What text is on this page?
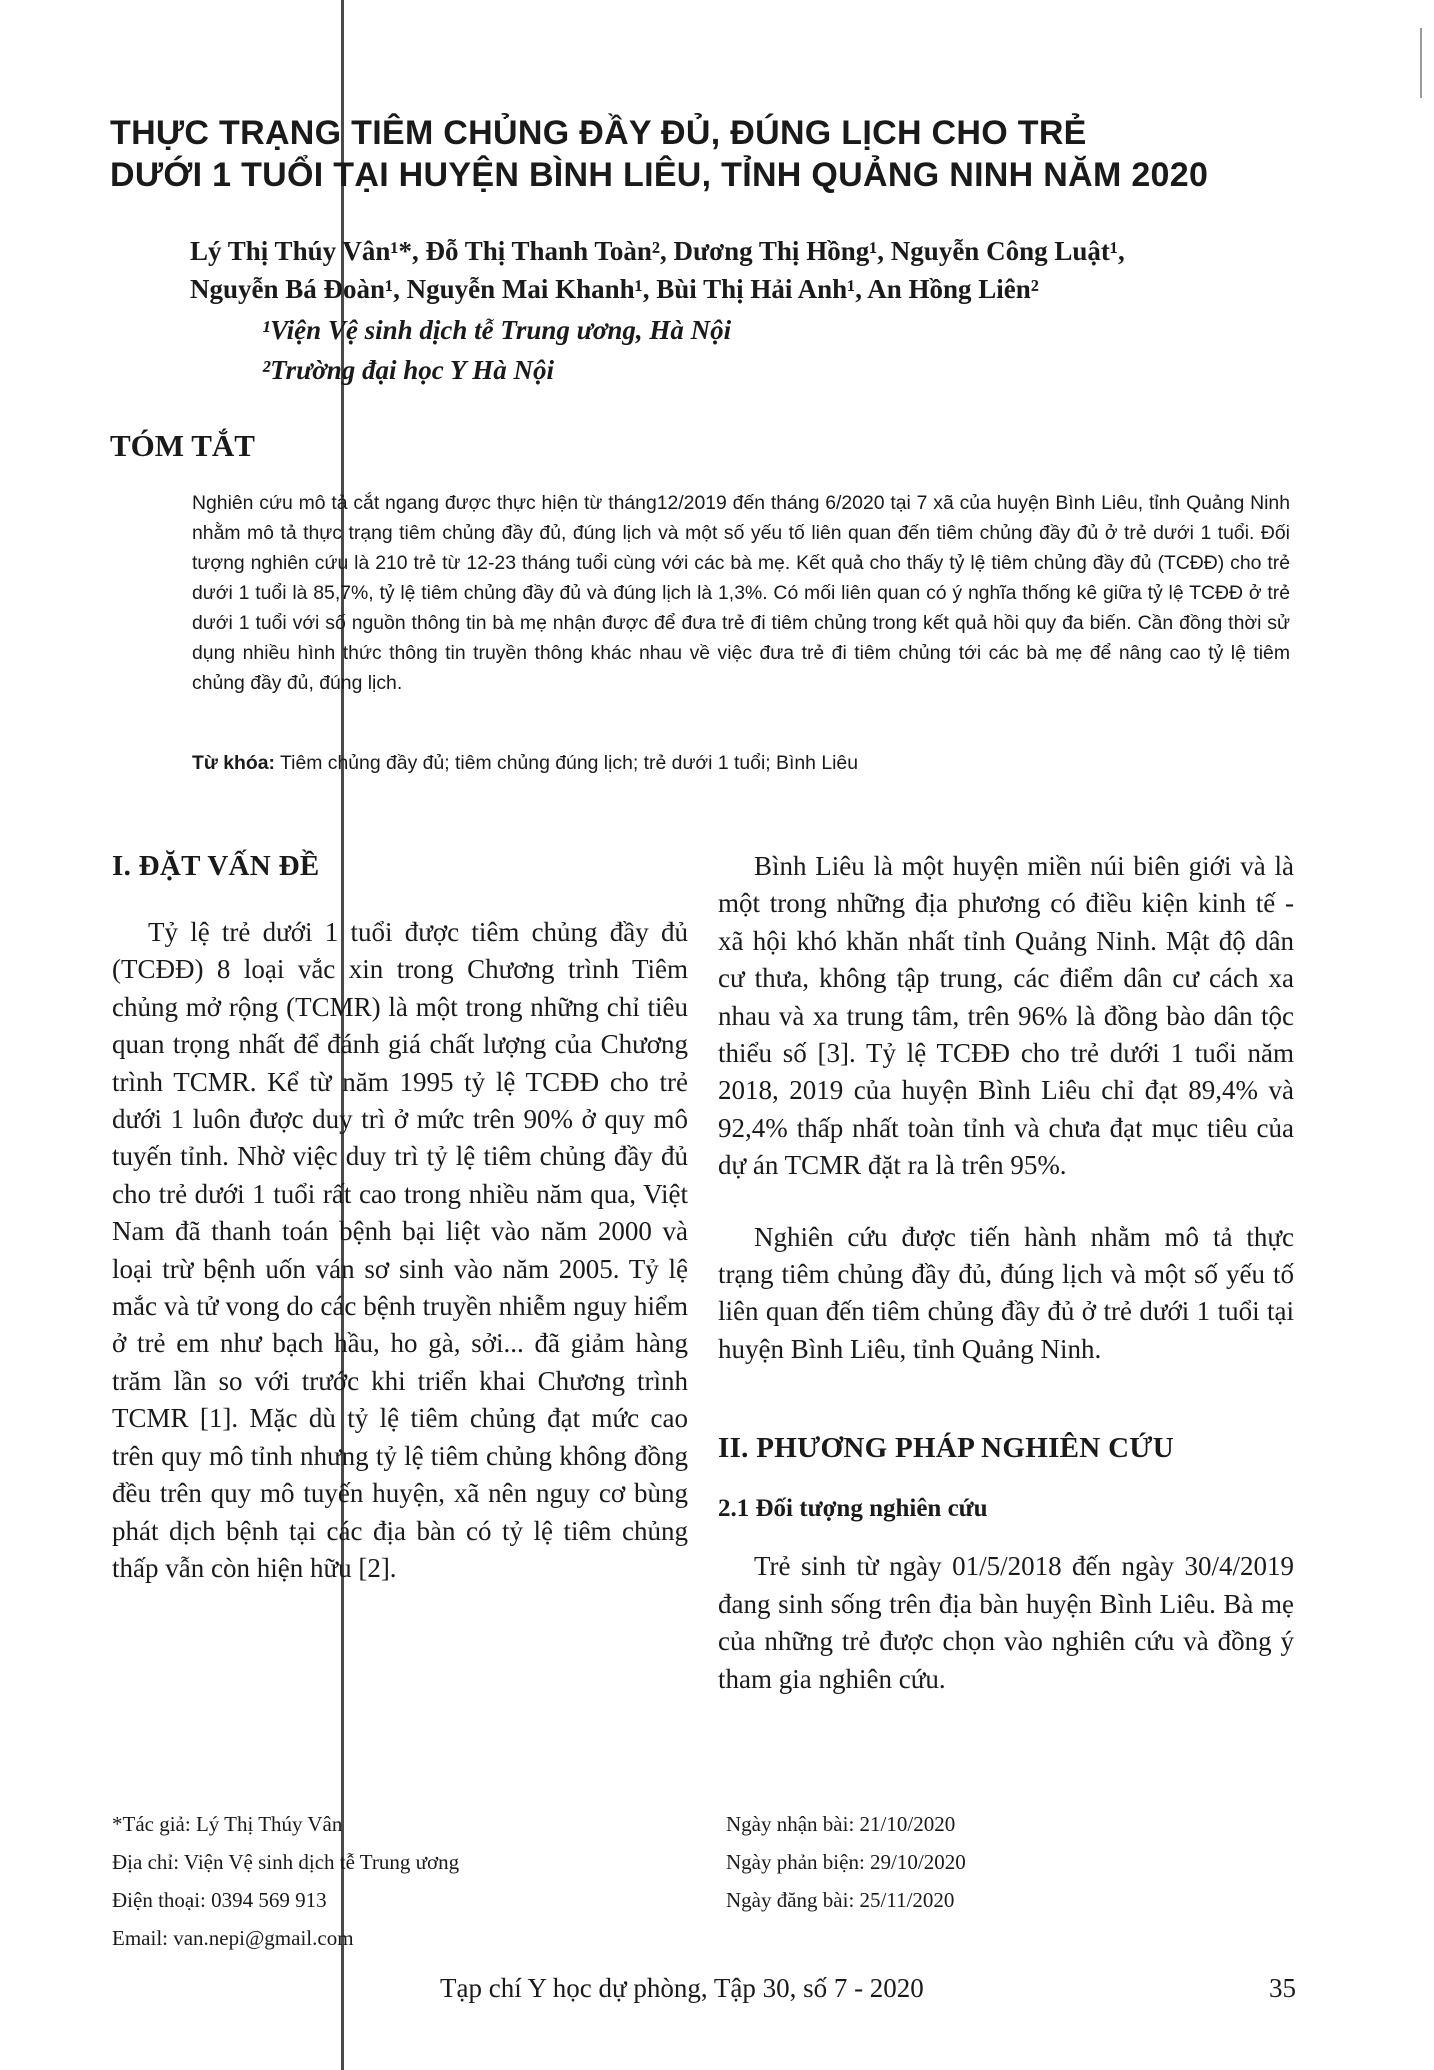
THỰC TRẠNG TIÊM CHỦNG ĐẦY ĐỦ, ĐÚNG LỊCH CHO TRẺ
DƯỚI 1 TUỔI TẠI HUYỆN BÌNH LIÊU, TỈNH QUẢNG NINH NĂM 2020
Lý Thị Thúy Vân¹*, Đỗ Thị Thanh Toàn², Dương Thị Hồng¹, Nguyễn Công Luật¹,
Nguyễn Bá Đoàn¹, Nguyễn Mai Khanh¹, Bùi Thị Hải Anh¹, An Hồng Liên²
¹Viện Vệ sinh dịch tễ Trung ương, Hà Nội
²Trường đại học Y Hà Nội
TÓM TẮT
Nghiên cứu mô tả cắt ngang được thực hiện từ tháng12/2019 đến tháng 6/2020 tại 7 xã của huyện Bình Liêu, tỉnh Quảng Ninh nhằm mô tả thực trạng tiêm chủng đầy đủ, đúng lịch và một số yếu tố liên quan đến tiêm chủng đầy đủ ở trẻ dưới 1 tuổi. Đối tượng nghiên cứu là 210 trẻ từ 12-23 tháng tuổi cùng với các bà mẹ. Kết quả cho thấy tỷ lệ tiêm chủng đầy đủ (TCĐĐ) cho trẻ dưới 1 tuổi là 85,7%, tỷ lệ tiêm chủng đầy đủ và đúng lịch là 1,3%. Có mối liên quan có ý nghĩa thống kê giữa tỷ lệ TCĐĐ ở trẻ dưới 1 tuổi với số nguồn thông tin bà mẹ nhận được để đưa trẻ đi tiêm chủng trong kết quả hồi quy đa biến. Cần đồng thời sử dụng nhiều hình thức thông tin truyền thông khác nhau về việc đưa trẻ đi tiêm chủng tới các bà mẹ để nâng cao tỷ lệ tiêm chủng đầy đủ, đúng lịch.
Từ khóa: Tiêm chủng đầy đủ; tiêm chủng đúng lịch; trẻ dưới 1 tuổi; Bình Liêu
I. ĐẶT VẤN ĐỀ

Tỷ lệ trẻ dưới 1 tuổi được tiêm chủng đầy đủ (TCĐĐ) 8 loại vắc xin trong Chương trình Tiêm chủng mở rộng (TCMR) là một trong những chỉ tiêu quan trọng nhất để đánh giá chất lượng của Chương trình TCMR. Kể từ năm 1995 tỷ lệ TCĐĐ cho trẻ dưới 1 luôn được duy trì ở mức trên 90% ở quy mô tuyến tỉnh. Nhờ việc duy trì tỷ lệ tiêm chủng đầy đủ cho trẻ dưới 1 tuổi rất cao trong nhiều năm qua, Việt Nam đã thanh toán bệnh bại liệt vào năm 2000 và loại trừ bệnh uốn ván sơ sinh vào năm 2005. Tỷ lệ mắc và tử vong do các bệnh truyền nhiễm nguy hiểm ở trẻ em như bạch hầu, ho gà, sởi... đã giảm hàng trăm lần so với trước khi triển khai Chương trình TCMR [1]. Mặc dù tỷ lệ tiêm chủng đạt mức cao trên quy mô tỉnh nhưng tỷ lệ tiêm chủng không đồng đều trên quy mô tuyến huyện, xã nên nguy cơ bùng phát dịch bệnh tại các địa bàn có tỷ lệ tiêm chủng thấp vẫn còn hiện hữu [2].

Bình Liêu là một huyện miền núi biên giới và là một trong những địa phương có điều kiện kinh tế - xã hội khó khăn nhất tỉnh Quảng Ninh. Mật độ dân cư thưa, không tập trung, các điểm dân cư cách xa nhau và xa trung tâm, trên 96% là đồng bào dân tộc thiểu số [3]. Tỷ lệ TCĐĐ cho trẻ dưới 1 tuổi năm 2018, 2019 của huyện Bình Liêu chỉ đạt 89,4% và 92,4% thấp nhất toàn tỉnh và chưa đạt mục tiêu của dự án TCMR đặt ra là trên 95%.

Nghiên cứu được tiến hành nhằm mô tả thực trạng tiêm chủng đầy đủ, đúng lịch và một số yếu tố liên quan đến tiêm chủng đầy đủ ở trẻ dưới 1 tuổi tại huyện Bình Liêu, tỉnh Quảng Ninh.

II. PHƯƠNG PHÁP NGHIÊN CỨU
2.1 Đối tượng nghiên cứu

Trẻ sinh từ ngày 01/5/2018 đến ngày 30/4/2019 đang sinh sống trên địa bàn huyện Bình Liêu. Bà mẹ của những trẻ được chọn vào nghiên cứu và đồng ý tham gia nghiên cứu.

*Tác giả: Lý Thị Thúy Vân
Địa chỉ: Viện Vệ sinh dịch tễ Trung ương
Điện thoại: 0394 569 913
Email: van.nepi@gmail.com
Ngày nhận bài: 21/10/2020
Ngày phản biện: 29/10/2020
Ngày đăng bài: 25/11/2020
Tạp chí Y học dự phòng, Tập 30, số 7 - 2020	35
